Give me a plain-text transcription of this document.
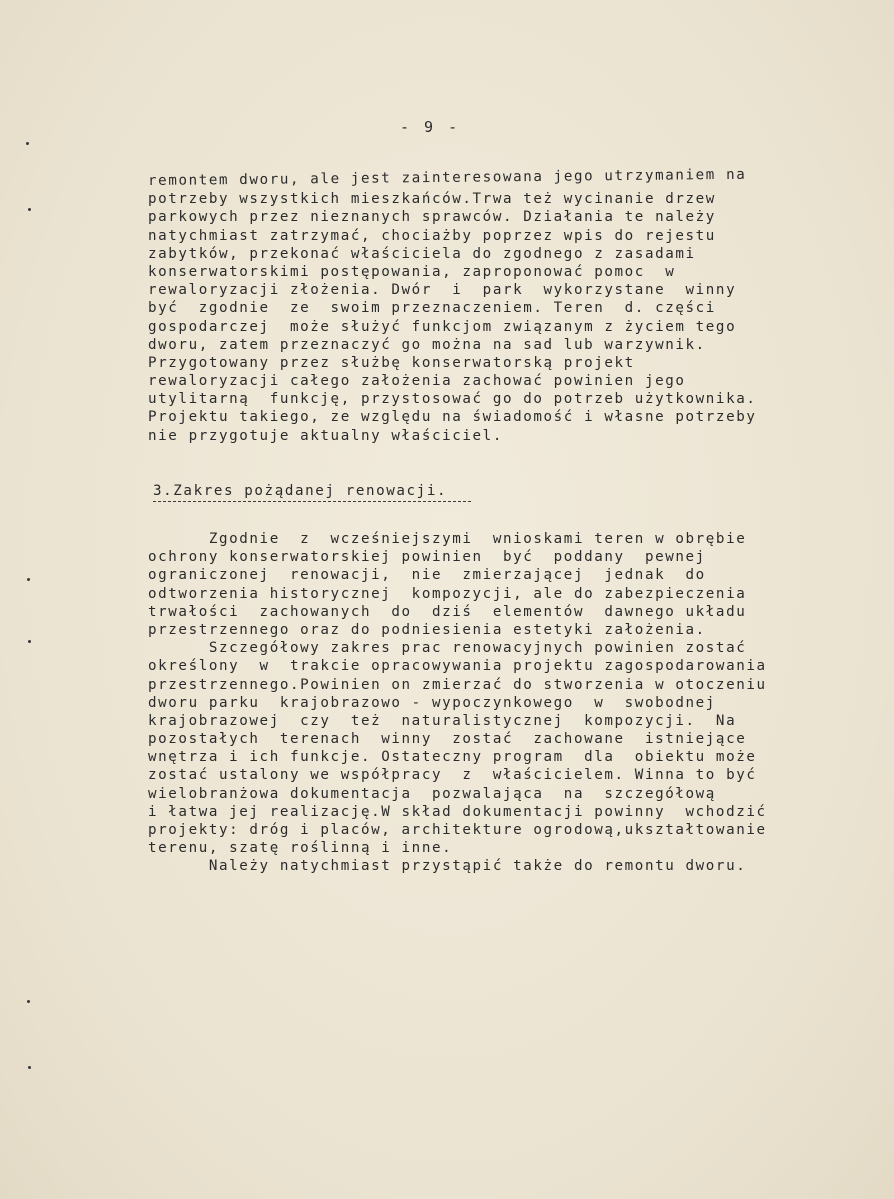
- 9 -
remontem dworu, ale jest zainteresowana jego utrzymaniem na
potrzeby wszystkich mieszkańców.Trwa też wycinanie drzew
parkowych przez nieznanych sprawców. Działania te należy
natychmiast zatrzymać, chociażby poprzez wpis do rejestu
zabytków, przekonać właściciela do zgodnego z zasadami
konserwatorskimi postępowania, zaproponować pomoc  w
rewaloryzacji złożenia. Dwór  i  park  wykorzystane  winny
być  zgodnie  ze  swoim przeznaczeniem. Teren  d. części
gospodarczej  może służyć funkcjom związanym z życiem tego
dworu, zatem przeznaczyć go można na sad lub warzywnik.
Przygotowany przez służbę konserwatorską projekt
rewaloryzacji całego założenia zachować powinien jego
utylitarną  funkcję, przystosować go do potrzeb użytkownika.
Projektu takiego, ze względu na świadomość i własne potrzeby
nie przygotuje aktualny właściciel.
3.Zakres pożądanej renowacji.
Zgodnie  z  wcześniejszymi  wnioskami teren w obrębie
ochrony konserwatorskiej powinien  być  poddany  pewnej
ograniczonej  renowacji,  nie  zmierzającej  jednak  do
odtworzenia historycznej  kompozycji, ale do zabezpieczenia
trwałości  zachowanych  do  dziś  elementów  dawnego układu
przestrzennego oraz do podniesienia estetyki założenia.
Szczegółowy zakres prac renowacyjnych powinien zostać
określony  w  trakcie opracowywania projektu zagospodarowania
przestrzennego.Powinien on zmierzać do stworzenia w otoczeniu
dworu parku  krajobrazowo - wypoczynkowego  w  swobodnej
krajobrazowej  czy  też  naturalistycznej  kompozycji.  Na
pozostałych  terenach  winny  zostać  zachowane  istniejące
wnętrza i ich funkcje. Ostateczny program  dla  obiektu może
zostać ustalony we współpracy  z  właścicielem. Winna to być
wielobranżowa dokumentacja  pozwalająca  na  szczegółową
i łatwa jej realizację.W skład dokumentacji powinny  wchodzić
projekty: dróg i placów, architekture ogrodową,ukształtowanie
terenu, szatę roślinną i inne.
Należy natychmiast przystąpić także do remontu dworu.
